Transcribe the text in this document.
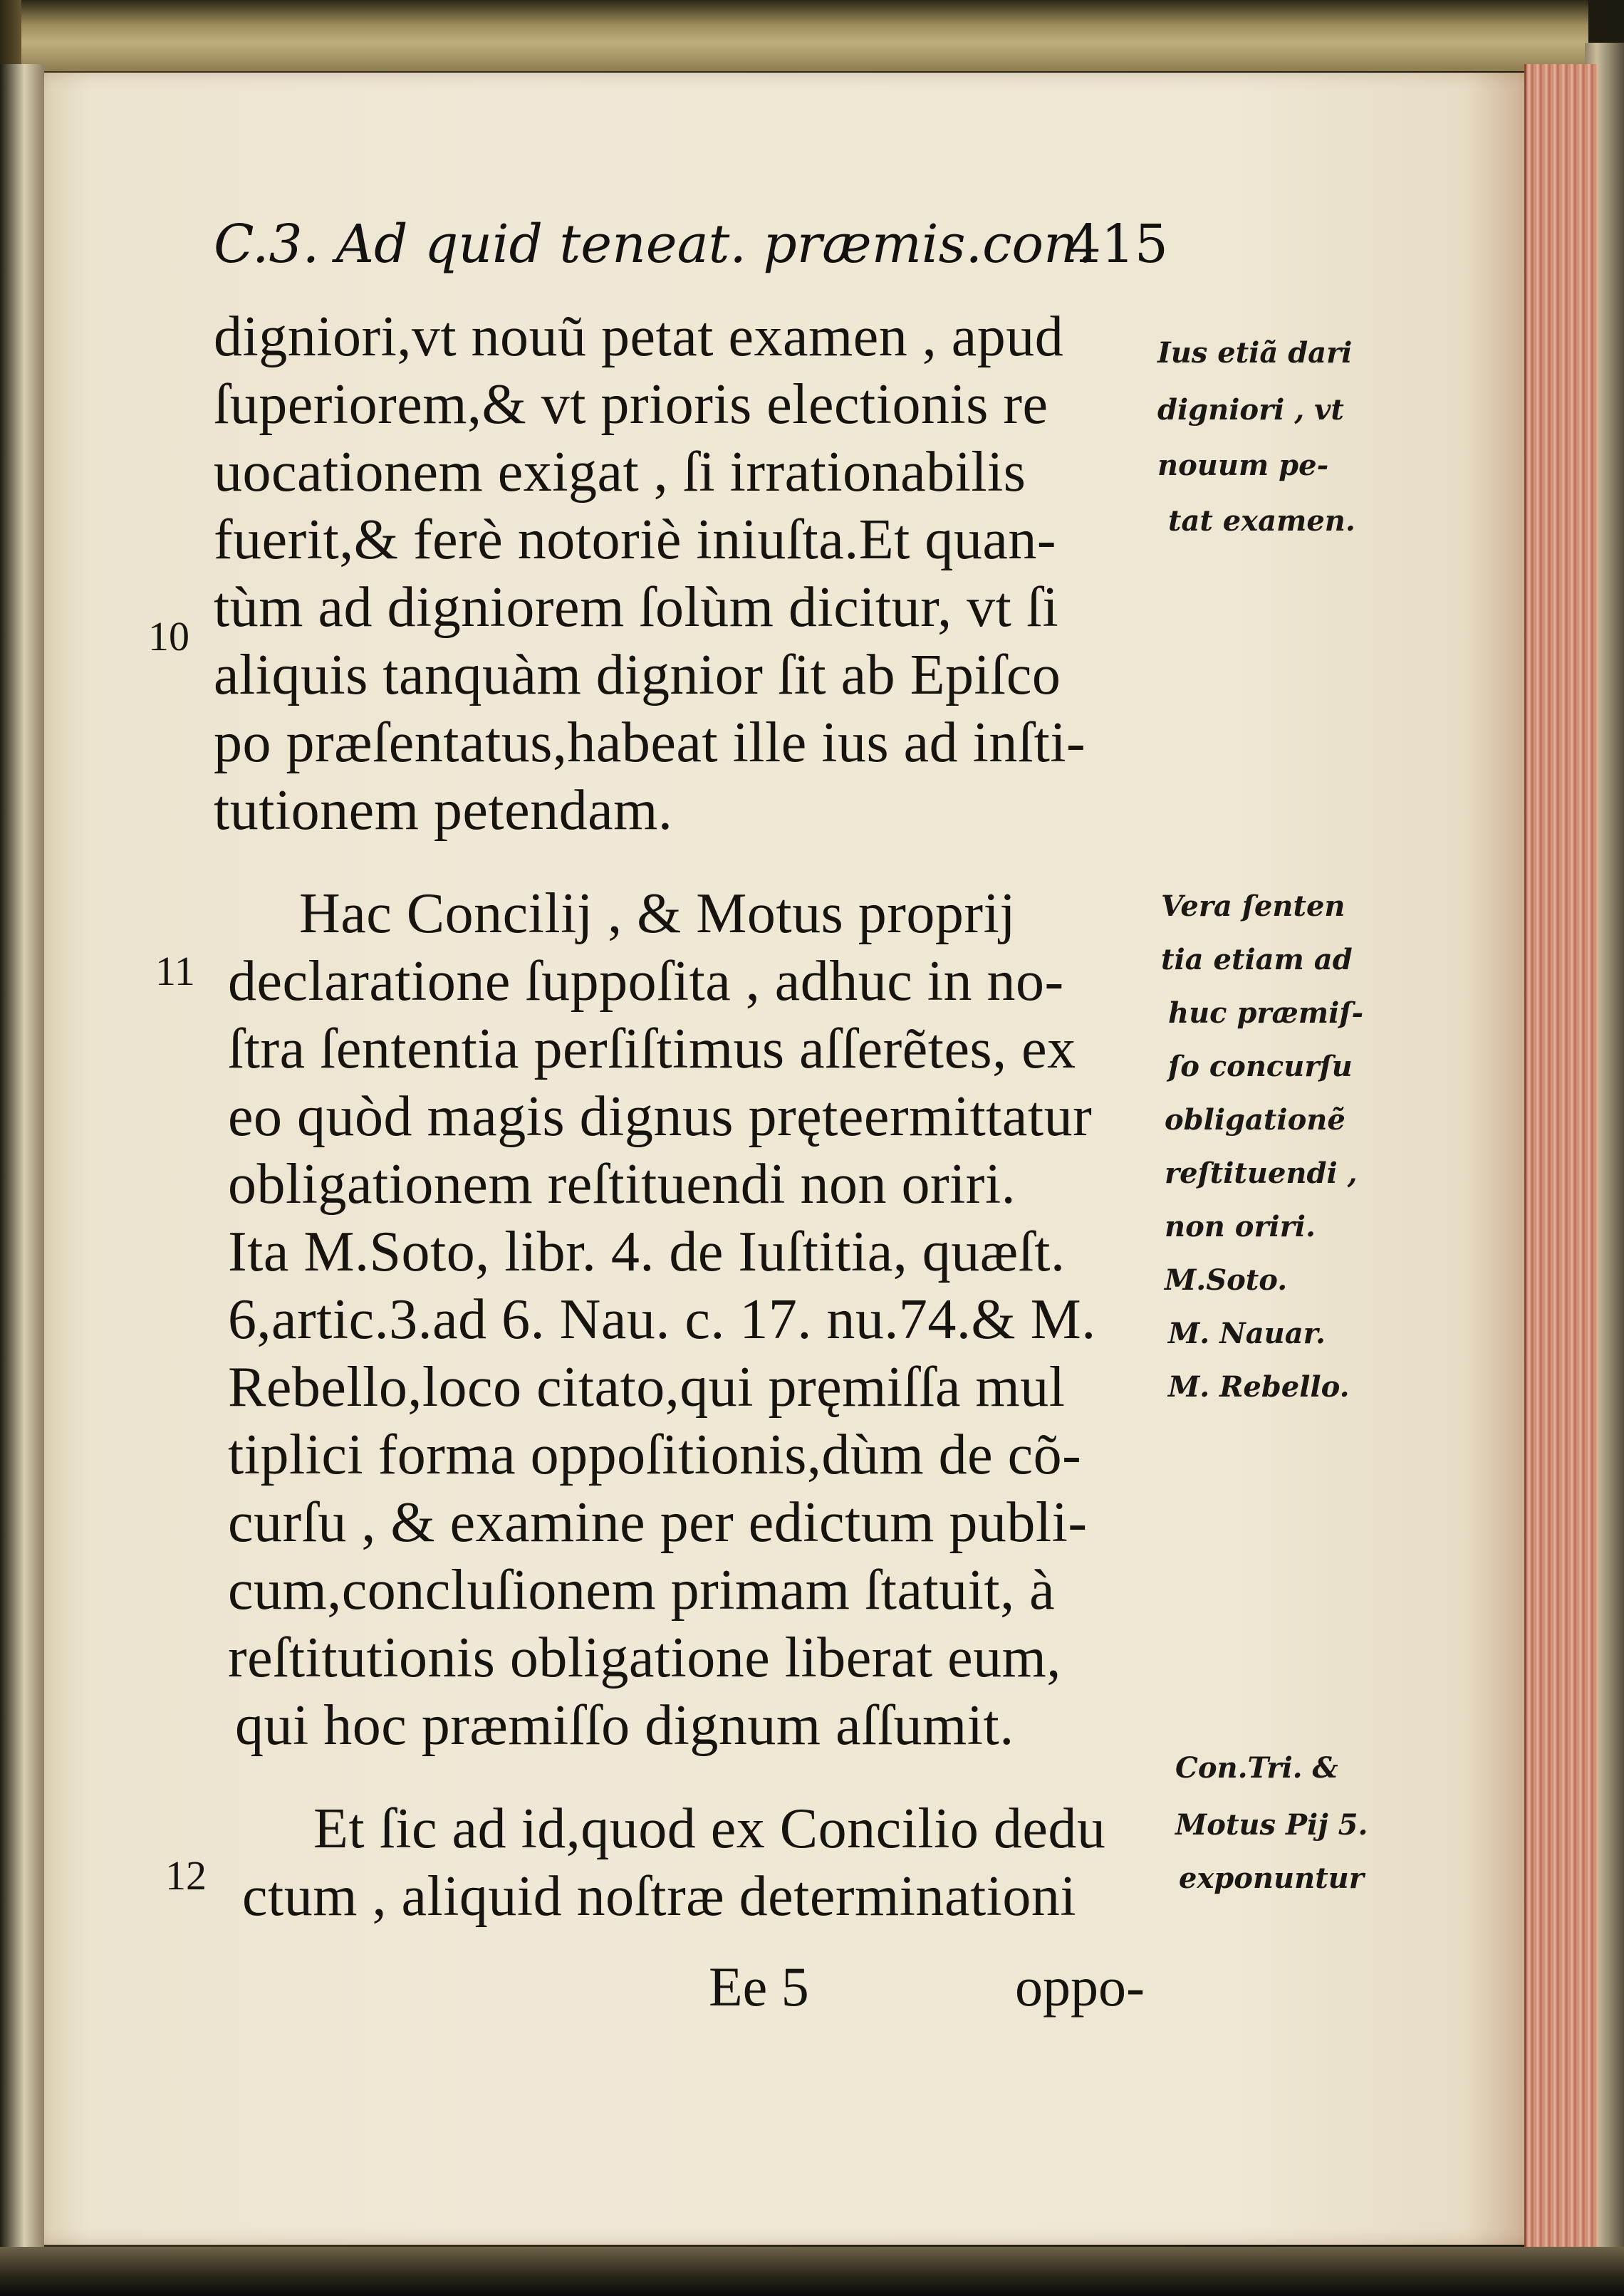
C.3. Ad quid teneat. præmis.con.
415
digniori,vt nouũ petat examen , apud
ſuperiorem,& vt prioris electionis re
uocationem exigat , ſi irrationabilis
fuerit,& ferè notoriè iniuſta.Et quan-
tùm ad digniorem ſolùm dicitur, vt ſi
aliquis tanquàm dignior ſit ab Epiſco
po præſentatus,habeat ille ius ad inſti-
tutionem petendam.
Hac Concilij , & Motus proprij
declaratione ſuppoſita , adhuc in no-
ſtra ſententia perſiſtimus aſſerẽtes, ex
eo quòd magis dignus pręteermittatur
obligationem reſtituendi non oriri.
Ita M.Soto, libr. 4. de Iuſtitia, quæſt.
6,artic.3.ad 6. Nau. c. 17. nu.74.& M.
Rebello,loco citato,qui pręmiſſa mul
tiplici forma oppoſitionis,dùm de cõ-
curſu , & examine per edictum publi-
cum,concluſionem primam ſtatuit, à
reſtitutionis obligatione liberat eum,
qui hoc præmiſſo dignum aſſumit.
Et ſic ad id,quod ex Concilio dedu
ctum , aliquid noſtræ determinationi
10
11
12
Ius etiã dari
digniori , vt
nouum pe-
tat examen.
Vera ſenten
tia etiam ad
huc præmiſ-
ſo concurſu
obligationẽ
reſtituendi ,
non oriri.
M.Soto.
M. Nauar.
M. Rebello.
Con.Tri. &
Motus Pij 5.
exponuntur
Ee 5	oppo-
